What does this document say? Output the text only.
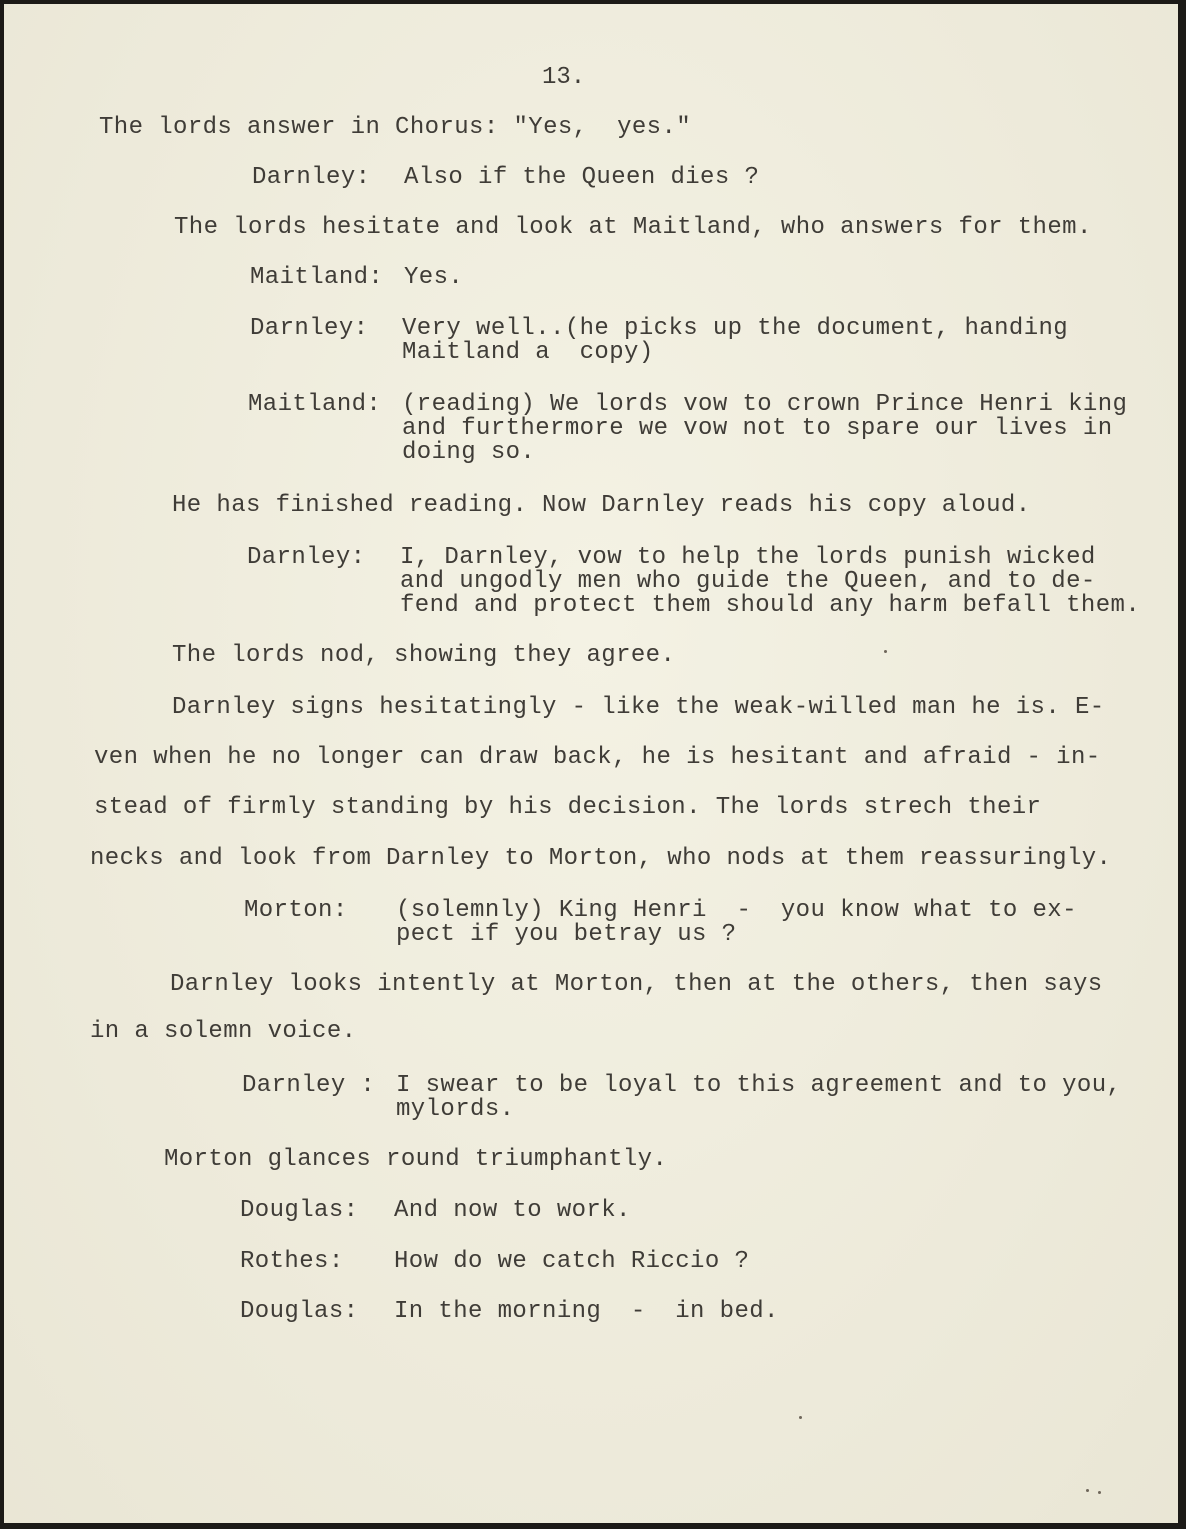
13.
The lords answer in Chorus: "Yes,  yes."
Darnley: Also if the Queen dies ?
The lords hesitate and look at Maitland, who answers for them.
Maitland: Yes.
Darnley: Very well..(he picks up the document, handing
Maitland a  copy)
Maitland: (reading) We lords vow to crown Prince Henri king
and furthermore we vow not to spare our lives in
doing so.
He has finished reading. Now Darnley reads his copy aloud.
Darnley: I, Darnley, vow to help the lords punish wicked
and ungodly men who guide the Queen, and to de-
fend and protect them should any harm befall them.
The lords nod, showing they agree.
Darnley signs hesitatingly - like the weak-willed man he is. E-
ven when he no longer can draw back, he is hesitant and afraid - in-
stead of firmly standing by his decision. The lords strech their
necks and look from Darnley to Morton, who nods at them reassuringly.
Morton: (solemnly) King Henri  -  you know what to ex-
pect if you betray us ?
Darnley looks intently at Morton, then at the others, then says
in a solemn voice.
Darnley : I swear to be loyal to this agreement and to you,
mylords.
Morton glances round triumphantly.
Douglas: And now to work.
Rothes: How do we catch Riccio ?
Douglas: In the morning  -  in bed.
